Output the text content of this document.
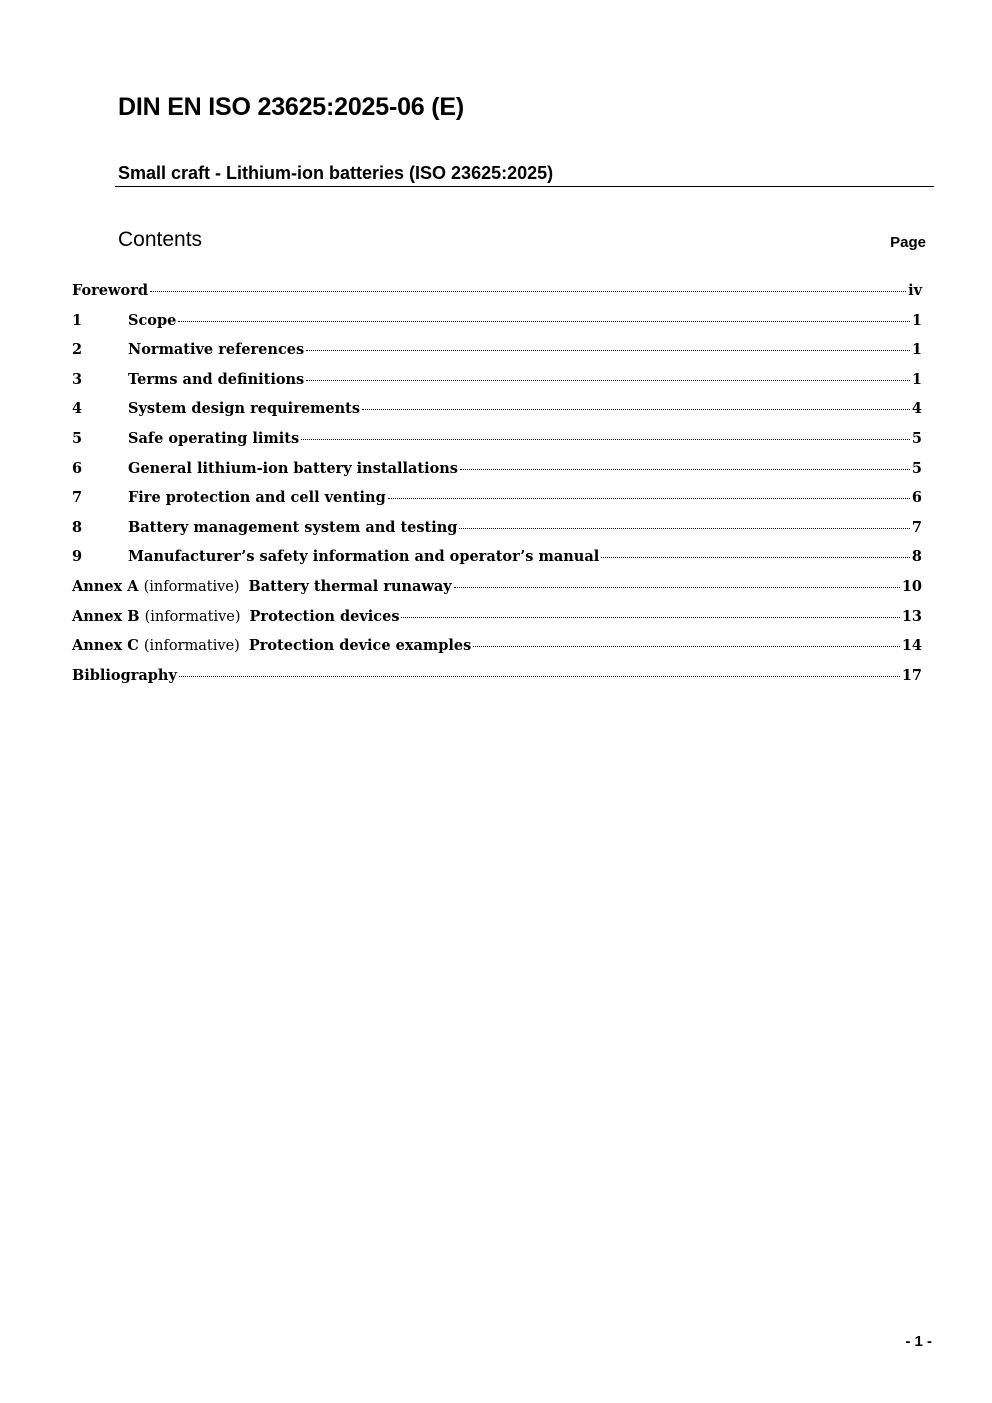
DIN EN ISO 23625:2025-06 (E)
Small craft - Lithium-ion batteries (ISO 23625:2025)
Contents	Page
Foreword	iv
1	Scope	1
2	Normative references	1
3	Terms and definitions	1
4	System design requirements	4
5	Safe operating limits	5
6	General lithium-ion battery installations	5
7	Fire protection and cell venting	6
8	Battery management system and testing	7
9	Manufacturer’s safety information and operator’s manual	8
Annex A (informative) Battery thermal runaway	10
Annex B (informative) Protection devices	13
Annex C (informative) Protection device examples	14
Bibliography	17
- 1 -
